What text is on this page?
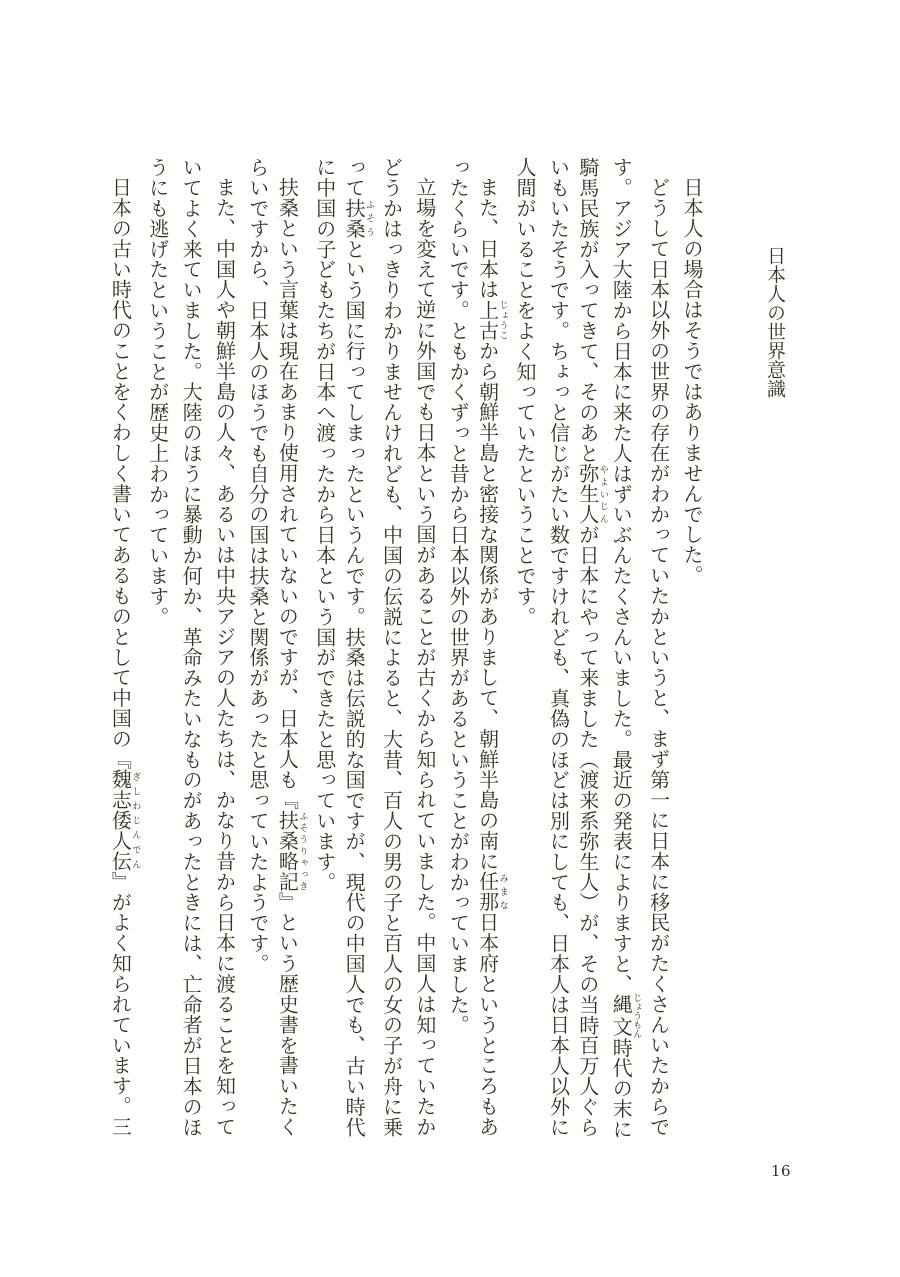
日本人の世界意識
日本人の場合はそうではありませんでした。
どうして日本以外の世界の存在がわかっていたかというと、まず第一に日本に移民がたくさんいたからで
す。アジア大陸から日本に来た人はずいぶんたくさんいました。最近の発表によりますと、縄文じょうもん時代の末に
騎馬民族が入ってきて、そのあと弥生人やよいじんが日本にやって来ました（渡来系弥生人）が、その当時百万人ぐら
いもいたそうです。ちょっと信じがたい数ですけれども、真偽のほどは別にしても、日本人は日本人以外に
人間がいることをよく知っていたということです。
また、日本は上古じょうこから朝鮮半島と密接な関係がありまして、朝鮮半島の南に任那みまな日本府というところもあ
ったくらいです。ともかくずっと昔から日本以外の世界があるということがわかっていました。
立場を変えて逆に外国でも日本という国があることが古くから知られていました。中国人は知っていたか
どうかはっきりわかりませんけれども、中国の伝説によると、大昔、百人の男の子と百人の女の子が舟に乗
って扶桑ふそうという国に行ってしまったというんです。扶桑は伝説的な国ですが、現代の中国人でも、古い時代
に中国の子どもたちが日本へ渡ったから日本という国ができたと思っています。
扶桑という言葉は現在あまり使用されていないのですが、日本人も『扶桑略記ふそうりゃっき』という歴史書を書いたく
らいですから、日本人のほうでも自分の国は扶桑と関係があったと思っていたようです。
また、中国人や朝鮮半島の人々、あるいは中央アジアの人たちは、かなり昔から日本に渡ることを知って
いてよく来ていました。大陸のほうに暴動か何か、革命みたいなものがあったときには、亡命者が日本のほ
うにも逃げたということが歴史上わかっています。
日本の古い時代のことをくわしく書いてあるものとして中国の『魏志倭人伝ぎしわじんでん』がよく知られています。三
16
